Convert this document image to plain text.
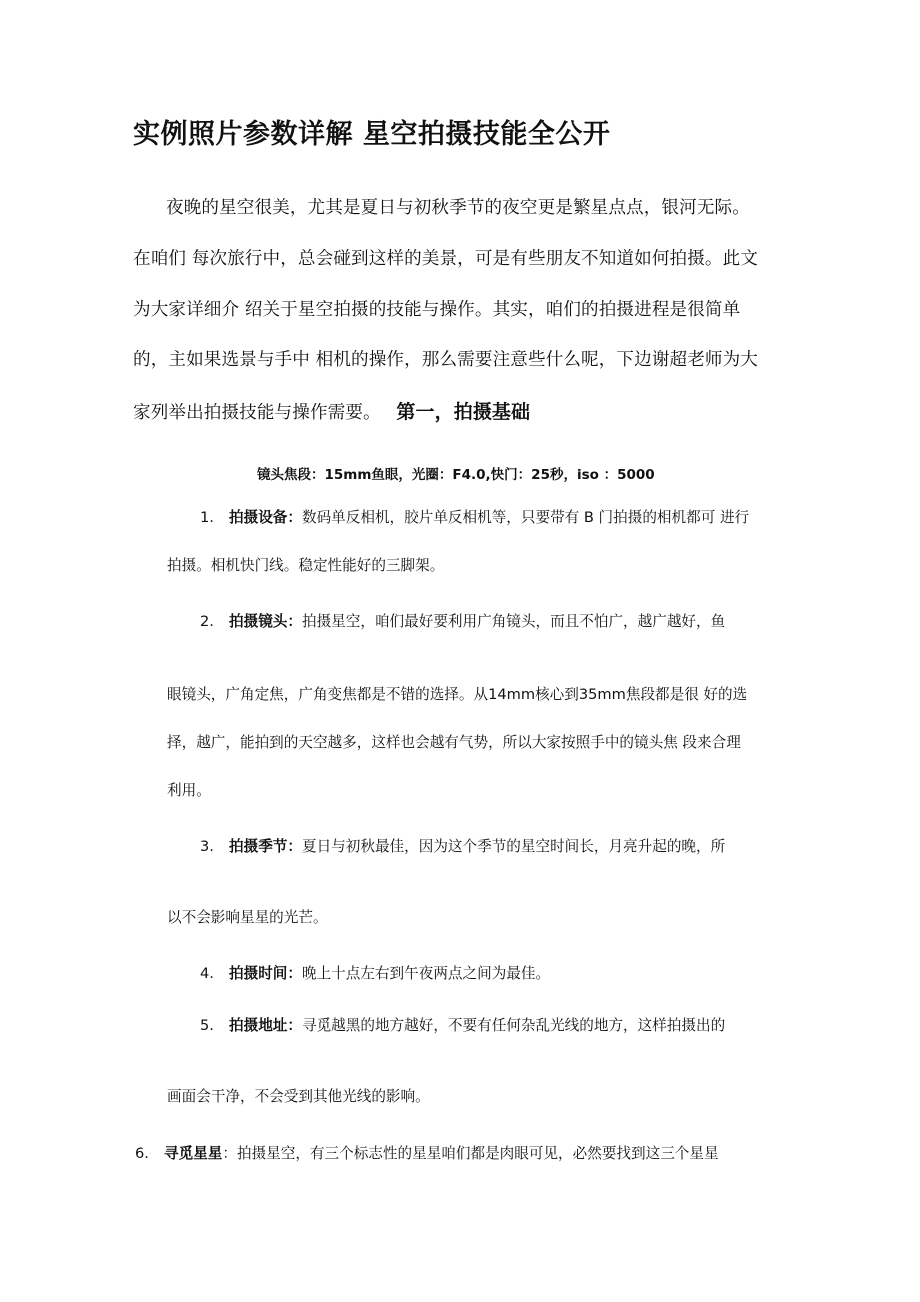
实例照片参数详解 星空拍摄技能全公开

夜晚的星空很美，尤其是夏日与初秋季节的夜空更是繁星点点，银河无际。

在咱们 每次旅行中，总会碰到这样的美景，可是有些朋友不知道如何拍摄。此文

为大家详细介 绍关于星空拍摄的技能与操作。其实，咱们的拍摄进程是很简单

的，主如果选景与手中 相机的操作，那么需要注意些什么呢，下边谢超老师为大

家列举出拍摄技能与操作需要。 第一，拍摄基础

镜头焦段：15mm鱼眼，光圈：F4.0,快门：25秒，iso ：5000

1. 拍摄设备：数码单反相机，胶片单反相机等，只要带有 B 门拍摄的相机都可 进行

拍摄。相机快门线。稳定性能好的三脚架。

2. 拍摄镜头：拍摄星空，咱们最好要利用广角镜头，而且不怕广，越广越好，鱼

眼镜头，广角定焦，广角变焦都是不错的选择。从14mm核心到35mm焦段都是很 好的选

择，越广，能拍到的天空越多，这样也会越有气势，所以大家按照手中的镜头焦 段来合理

利用。

3. 拍摄季节：夏日与初秋最佳，因为这个季节的星空时间长，月亮升起的晚，所

以不会影响星星的光芒。

4. 拍摄时间：晚上十点左右到午夜两点之间为最佳。

5. 拍摄地址：寻觅越黑的地方越好，不要有任何杂乱光线的地方，这样拍摄出的

画面会干净，不会受到其他光线的影响。

6. 寻觅星星：拍摄星空，有三个标志性的星星咱们都是肉眼可见，必然要找到这三个星星
